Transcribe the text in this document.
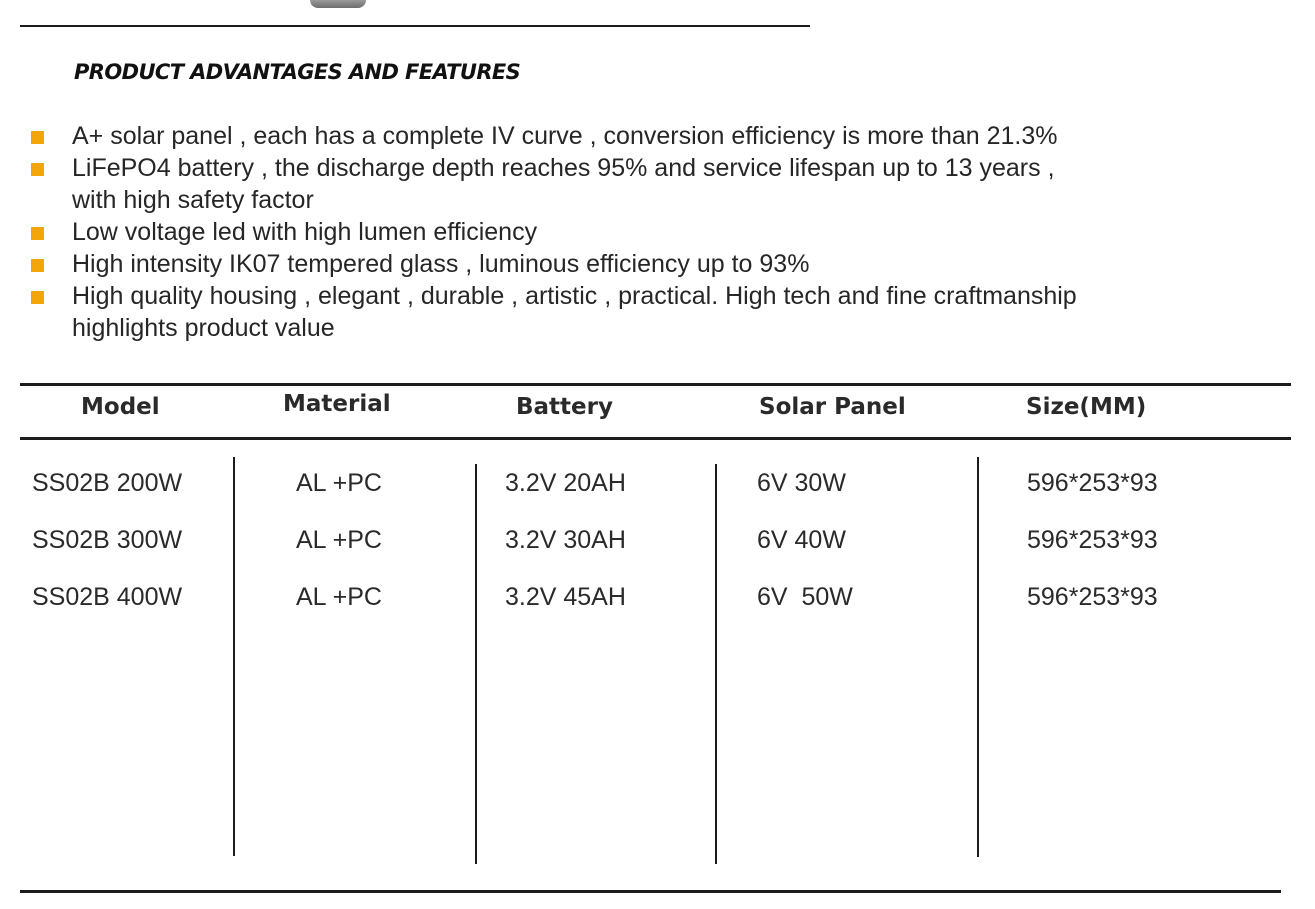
PRODUCT ADVANTAGES AND FEATURES
A+ solar panel , each has a complete IV curve , conversion efficiency is more than 21.3%
LiFePO4 battery , the discharge depth reaches 95% and service lifespan up to 13 years ,
with high safety factor
Low voltage led with high lumen efficiency
High intensity IK07 tempered glass , luminous efficiency up to 93%
High quality housing , elegant , durable , artistic , practical. High tech and fine craftmanship
highlights product value
Model	Material	Battery	Solar Panel	Size(MM)
SS02B 200W	AL +PC	3.2V 20AH	6V 30W	596*253*93
SS02B 300W	AL +PC	3.2V 30AH	6V 40W	596*253*93
SS02B 400W	AL +PC	3.2V 45AH	6V  50W	596*253*93
